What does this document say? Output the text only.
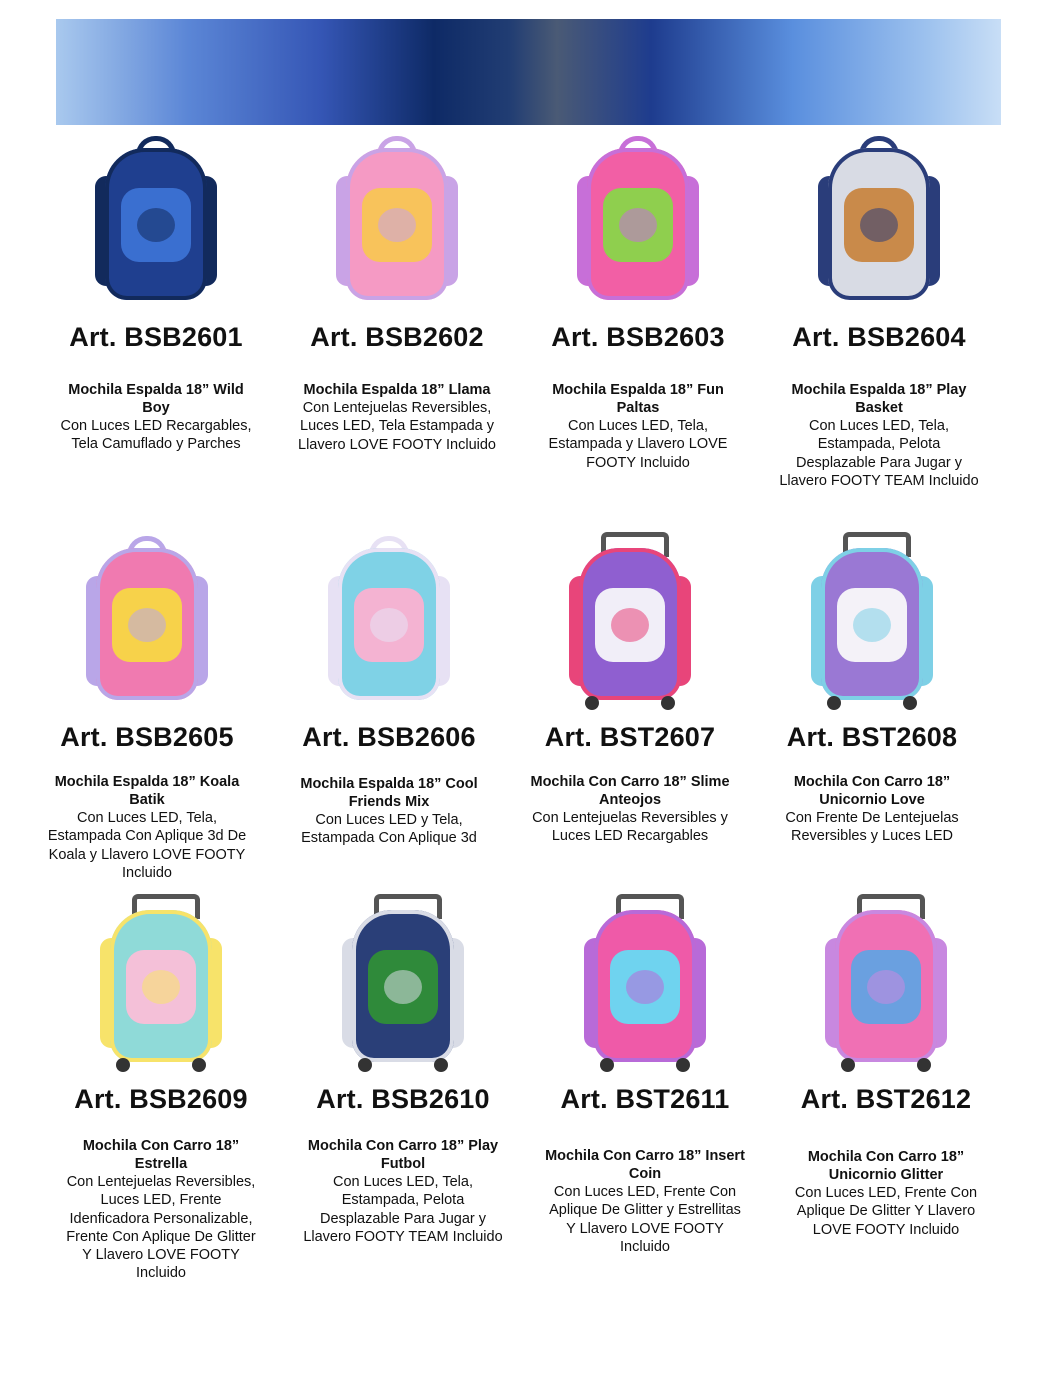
Art. BSB2601
Mochila Espalda 18” Wild Boy
Con Luces LED Recargables, Tela Camuflado y Parches
Art. BSB2602
Mochila Espalda 18” Llama
Con Lentejuelas Reversibles, Luces LED, Tela Estampada y Llavero LOVE FOOTY Incluido
Art. BSB2603
Mochila Espalda 18” Fun Paltas
Con Luces LED, Tela, Estampada y Llavero LOVE FOOTY Incluido
Art. BSB2604
Mochila Espalda 18” Play Basket
Con Luces LED, Tela, Estampada, Pelota Desplazable Para Jugar y Llavero FOOTY TEAM Incluido
Art. BSB2605
Mochila Espalda 18” Koala Batik
Con Luces LED, Tela, Estampada Con Aplique 3d De Koala y Llavero LOVE FOOTY Incluido
Art. BSB2606
Mochila Espalda 18” Cool Friends Mix
Con Luces LED y Tela, Estampada Con Aplique 3d
Art. BST2607
Mochila Con Carro 18” Slime Anteojos
Con Lentejuelas Reversibles y Luces LED Recargables
Art. BST2608
Mochila Con Carro 18” Unicornio Love
Con Frente De Lentejuelas Reversibles y Luces LED
Art. BSB2609
Mochila Con Carro 18” Estrella
Con Lentejuelas Reversibles, Luces LED, Frente Idenficadora Personalizable, Frente Con Aplique De Glitter Y Llavero LOVE FOOTY Incluido
Art. BSB2610
Mochila Con Carro 18” Play Futbol
Con Luces LED, Tela, Estampada, Pelota Desplazable Para Jugar y Llavero FOOTY TEAM Incluido
Art. BST2611
Mochila Con Carro 18” Insert Coin
Con Luces LED, Frente Con Aplique De Glitter y Estrellitas Y Llavero LOVE FOOTY Incluido
Art. BST2612
Mochila Con Carro 18” Unicornio Glitter
Con Luces LED, Frente Con Aplique De Glitter Y Llavero LOVE FOOTY Incluido
